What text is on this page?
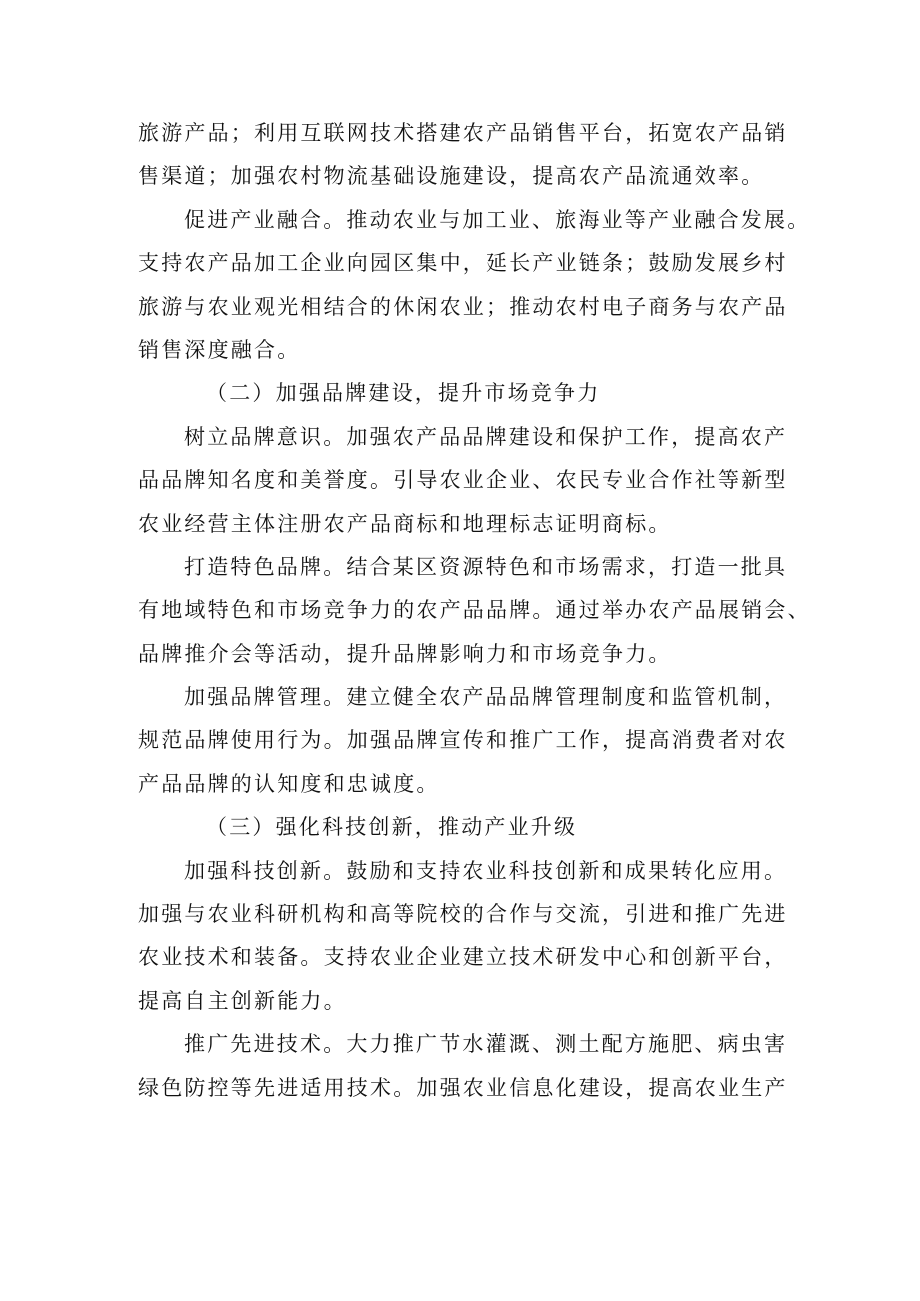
旅游产品；利用互联网技术搭建农产品销售平台，拓宽农产品销
售渠道；加强农村物流基础设施建设，提高农产品流通效率。
促进产业融合。推动农业与加工业、旅海业等产业融合发展。
支持农产品加工企业向园区集中，延长产业链条；鼓励发展乡村
旅游与农业观光相结合的休闲农业；推动农村电子商务与农产品
销售深度融合。
（二）加强品牌建设，提升市场竞争力
树立品牌意识。加强农产品品牌建设和保护工作，提高农产
品品牌知名度和美誉度。引导农业企业、农民专业合作社等新型
农业经营主体注册农产品商标和地理标志证明商标。
打造特色品牌。结合某区资源特色和市场需求，打造一批具
有地域特色和市场竞争力的农产品品牌。通过举办农产品展销会、
品牌推介会等活动，提升品牌影响力和市场竞争力。
加强品牌管理。建立健全农产品品牌管理制度和监管机制，
规范品牌使用行为。加强品牌宣传和推广工作，提高消费者对农
产品品牌的认知度和忠诚度。
（三）强化科技创新，推动产业升级
加强科技创新。鼓励和支持农业科技创新和成果转化应用。
加强与农业科研机构和高等院校的合作与交流，引进和推广先进
农业技术和装备。支持农业企业建立技术研发中心和创新平台，
提高自主创新能力。
推广先进技术。大力推广节水灌溉、测土配方施肥、病虫害
绿色防控等先进适用技术。加强农业信息化建设，提高农业生产
